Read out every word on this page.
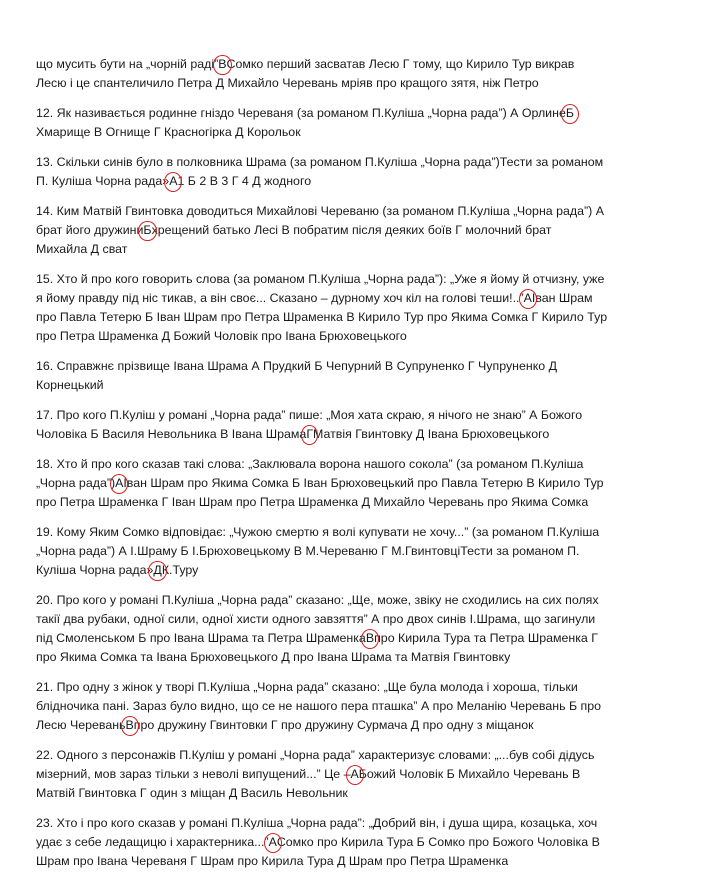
що мусить бути на „чорній раді”ВСомко перший засватав Лесю Г тому, що Кирило Тур викрав
Лесю і це спантеличило Петра Д Михайло Черевань мріяв про кращого зятя, ніж Петро
12. Як називається родинне гніздо Череваня (за романом П.Куліша „Чорна рада”) А ОрлинеБ
Хмарище В Огнище Г Красногірка Д Корольок
13. Скільки синів було в полковника Шрама (за романом П.Куліша „Чорна рада”)Тести за романом
П. Куліша Чорна рада»А1 Б 2 В 3 Г 4 Д жодного
14. Ким Матвій Гвинтовка доводиться Михайлові Череваню (за романом П.Куліша „Чорна рада”) А
брат його дружиниБхрещений батько Лесі В побратим після деяких боїв Г молочний брат
Михайла Д сват
15. Хто й про кого говорить слова (за романом П.Куліша „Чорна рада”): „Уже я йому й отчизну, уже
я йому правду під ніс тикав, а він своє... Сказано – дурному хоч кіл на голові теши!..”АІван Шрам
про Павла Тетерю Б Іван Шрам про Петра Шраменка В Кирило Тур про Якима Сомка Г Кирило Тур
про Петра Шраменка Д Божий Чоловік про Івана Брюховецького
16. Справжнє прізвище Івана Шрама А Прудкий Б Чепурний В Супруненко Г Чупруненко Д
Корнецький
17. Про кого П.Куліш у романі „Чорна рада” пише: „Моя хата скраю, я нічого не знаю” А Божого
Чоловіка Б Василя Невольника В Івана ШрамаГМатвія Гвинтовку Д Івана Брюховецького
18. Хто й про кого сказав такі слова: „Заклювала ворона нашого сокола” (за романом П.Куліша
„Чорна рада”)АІван Шрам про Якима Сомка Б Іван Брюховецький про Павла Тетерю В Кирило Тур
про Петра Шраменка Г Іван Шрам про Петра Шраменка Д Михайло Черевань про Якима Сомка
19. Кому Яким Сомко відповідає: „Чужою смертю я волі купувати не хочу...” (за романом П.Куліша
„Чорна рада”) А І.Шраму Б І.Брюховецькому В М.Череваню Г М.ГвинтовціТести за романом П.
Куліша Чорна рада»ДК.Туру
20. Про кого у романі П.Куліша „Чорна рада” сказано: „Ще, може, звіку не сходились на сих полях
такії два рубаки, одної сили, одної хисти одного завзяття” А про двох синів І.Шрама, що загинули
під Смоленськом Б про Івана Шрама та Петра ШраменкаВпро Кирила Тура та Петра Шраменка Г
про Якима Сомка та Івана Брюховецького Д про Івана Шрама та Матвія Гвинтовку
21. Про одну з жінок у творі П.Куліша „Чорна рада” сказано: „Ще була молода і хороша, тільки
блідночика пані. Зараз було видно, що се не нашого пера пташка” А про Меланію Черевань Б про
Лесю ЧереваньВпро дружину Гвинтовки Г про дружину Сурмача Д про одну з міщанок
22. Одного з персонажів П.Куліш у романі „Чорна рада” характеризує словами: „...був собі дідусь
мізерний, мов зараз тільки з неволі випущений...” Це –АБожий Чоловік Б Михайло Черевань В
Матвій Гвинтовка Г один з міщан Д Василь Невольник
23. Хто і про кого сказав у романі П.Куліша „Чорна рада”: „Добрий він, і душа щира, козацька, хоч
удає з себе ледащицю і характерника...”АСомко про Кирила Тура Б Сомко про Божого Чоловіка В
Шрам про Івана Череваня Г Шрам про Кирила Тура Д Шрам про Петра Шраменка
